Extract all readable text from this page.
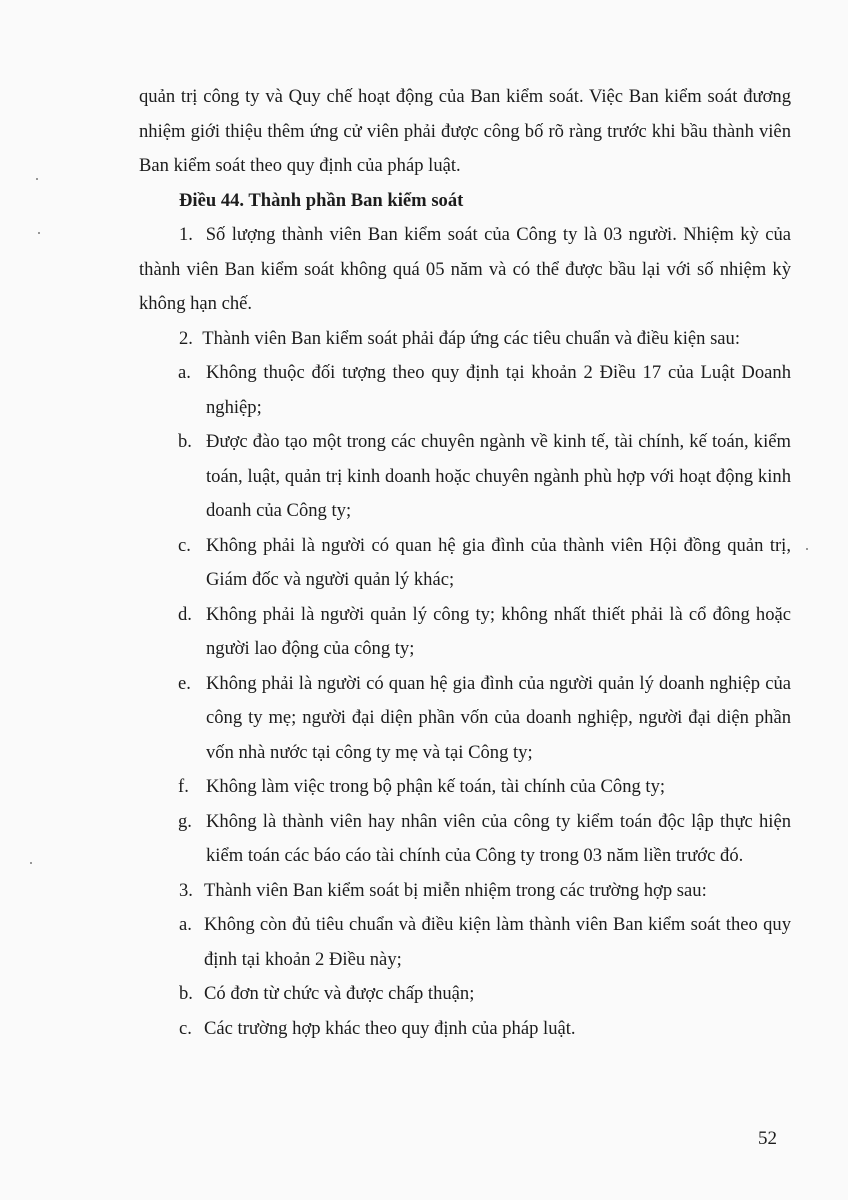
quản trị công ty và Quy chế hoạt động của Ban kiểm soát. Việc Ban kiểm soát đương nhiệm giới thiệu thêm ứng cử viên phải được công bố rõ ràng trước khi bầu thành viên Ban kiểm soát theo quy định của pháp luật.

Điều 44. Thành phần Ban kiểm soát

1. Số lượng thành viên Ban kiểm soát của Công ty là 03 người. Nhiệm kỳ của thành viên Ban kiểm soát không quá 05 năm và có thể được bầu lại với số nhiệm kỳ không hạn chế.

2. Thành viên Ban kiểm soát phải đáp ứng các tiêu chuẩn và điều kiện sau:

a. Không thuộc đối tượng theo quy định tại khoản 2 Điều 17 của Luật Doanh nghiệp;
b. Được đào tạo một trong các chuyên ngành về kinh tế, tài chính, kế toán, kiểm toán, luật, quản trị kinh doanh hoặc chuyên ngành phù hợp với hoạt động kinh doanh của Công ty;
c. Không phải là người có quan hệ gia đình của thành viên Hội đồng quản trị, Giám đốc và người quản lý khác;
d. Không phải là người quản lý công ty; không nhất thiết phải là cổ đông hoặc người lao động của công ty;
e. Không phải là người có quan hệ gia đình của người quản lý doanh nghiệp của công ty mẹ; người đại diện phần vốn của doanh nghiệp, người đại diện phần vốn nhà nước tại công ty mẹ và tại Công ty;
f. Không làm việc trong bộ phận kế toán, tài chính của Công ty;
g. Không là thành viên hay nhân viên của công ty kiểm toán độc lập thực hiện kiểm toán các báo cáo tài chính của Công ty trong 03 năm liền trước đó.
3. Thành viên Ban kiểm soát bị miễn nhiệm trong các trường hợp sau:
a. Không còn đủ tiêu chuẩn và điều kiện làm thành viên Ban kiểm soát theo quy định tại khoản 2 Điều này;
b. Có đơn từ chức và được chấp thuận;
c. Các trường hợp khác theo quy định của pháp luật.
52
